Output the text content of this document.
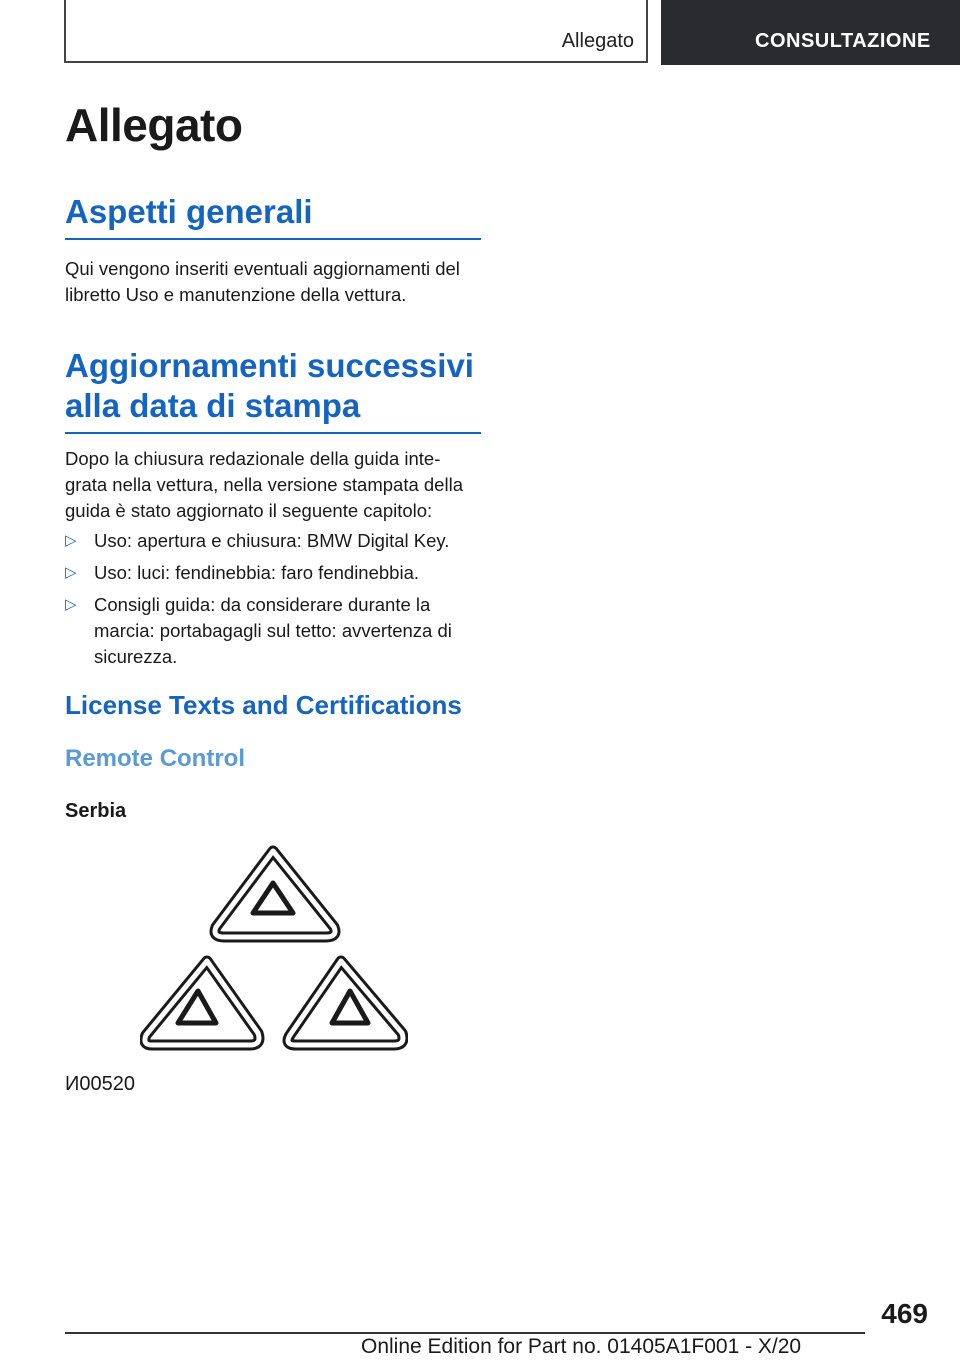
Allegato	CONSULTAZIONE
Allegato
Aspetti generali

Qui vengono inseriti eventuali aggiornamenti del libretto Uso e manutenzione della vettura.

Aggiornamenti successivi
alla data di stampa

Dopo la chiusura redazionale della guida inte-grata nella vettura, nella versione stampata della guida è stato aggiornato il seguente capitolo:

▷ Uso: apertura e chiusura: BMW Digital Key.
▷ Uso: luci: fendinebbia: faro fendinebbia.
▷ Consigli guida: da considerare durante la marcia: portabagagli sul tetto: avvertenza di sicurezza.
License Texts and Certifications
Remote Control
Serbia
И00520
469
Online Edition for Part no. 01405A1F001 - X/20
